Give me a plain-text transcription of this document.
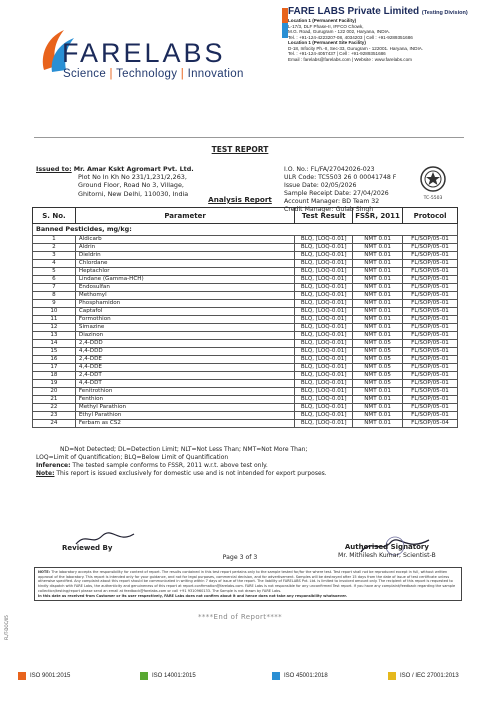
FARELABS
Science | Technology | Innovation
FARE LABS Private Limited (Testing Division)
Location 1 (Permanent Facility)
L-17/3, DLF Phase-II, IFFCO Chowk,
M.G. Road, Gurugram - 122 002, Haryana, INDIA.
Tel. : +91-124-4223207-08, 4034203 | Cell : +91-9289351686
Location 1 (Permanent Site Facility)
D-18, Infocity Ph.-II, Sec-33, Gurugram - 122001. Haryana, INDIA.
Tel. : +91-124-4057437 | Cell : +91-9289351686
Email : farelabs@farelabs.com | Website : www.farelabs.com
TEST REPORT
Issued to: Mr. Amar Kskt Agromart Pvt. Ltd.
Plot No In Kh No 231/1,231/2,263,
Ground Floor, Road No 3, Village,
Ghitorni, New Delhi, 110030, India
I.O. No.: FL/FA/27042026-023
ULR Code: TC5503 26 0 00041748 F
Issue Date: 02/05/2026
Sample Receipt Date: 27/04/2026
Account Manager: BD Team 32
Credit Manager: Gulab Singh
TC-5503
Analysis Report
S. No.	Parameter	Test Result	FSSR, 2011	Protocol
Banned Pesticides, mg/kg:				
1	Aldicarb	BLQ, [LOQ-0.01]	NMT 0.01	FL/SOP/05-01
2	Aldrin	BLQ, [LOQ-0.01]	NMT 0.01	FL/SOP/05-01
3	Dieldrin	BLQ, [LOQ-0.01]	NMT 0.01	FL/SOP/05-01
4	Chlordane	BLQ, [LOQ-0.01]	NMT 0.01	FL/SOP/05-01
5	Heptachlor	BLQ, [LOQ-0.01]	NMT 0.01	FL/SOP/05-01
6	Lindane (Gamma-HCH)	BLQ, [LOQ-0.01]	NMT 0.01	FL/SOP/05-01
7	Endosulfan	BLQ, [LOQ-0.01]	NMT 0.01	FL/SOP/05-01
8	Methomyl	BLQ, [LOQ-0.01]	NMT 0.01	FL/SOP/05-01
9	Phosphamidon	BLQ, [LOQ-0.01]	NMT 0.01	FL/SOP/05-01
10	Captafol	BLQ, [LOQ-0.01]	NMT 0.01	FL/SOP/05-01
11	Formothion	BLQ, [LOQ-0.01]	NMT 0.01	FL/SOP/05-01
12	Simazine	BLQ, [LOQ-0.01]	NMT 0.01	FL/SOP/05-01
13	Diazinon	BLQ, [LOQ-0.01]	NMT 0.01	FL/SOP/05-01
14	2,4-DDD	BLQ, [LOQ-0.01]	NMT 0.05	FL/SOP/05-01
15	4,4-DDD	BLQ, [LOQ-0.01]	NMT 0.05	FL/SOP/05-01
16	2,4-DDE	BLQ, [LOQ-0.01]	NMT 0.05	FL/SOP/05-01
17	4,4-DDE	BLQ, [LOQ-0.01]	NMT 0.05	FL/SOP/05-01
18	2,4-DDT	BLQ, [LOQ-0.01]	NMT 0.05	FL/SOP/05-01
19	4,4-DDT	BLQ, [LOQ-0.01]	NMT 0.05	FL/SOP/05-01
20	Fenitrothion	BLQ, [LOQ-0.01]	NMT 0.01	FL/SOP/05-01
21	Fenthion	BLQ, [LOQ-0.01]	NMT 0.01	FL/SOP/05-01
22	Methyl Parathion	BLQ, [LOQ-0.01]	NMT 0.01	FL/SOP/05-01
23	Ethyl Parathion	BLQ, [LOQ-0.01]	NMT 0.01	FL/SOP/05-01
24	Ferbam as CS2	BLQ, [LOQ-0.01]	NMT 0.01	FL/SOP/05-04
ND=Not Detected; DL=Detection Limit; NLT=Not Less Than; NMT=Not More Than;
LOQ=Limit of Quantification; BLQ=Below Limit of Quantification
Inference: The tested sample conforms to FSSR, 2011 w.r.t. above test only.
Note: This report is issued exclusively for domestic use and is not intended for export purposes.
Reviewed By
Page 3 of 3
Authorised Signatory
Mr. Mithilesh Kumar, Scientist-B
NOTE: The laboratory accepts the responsibility for content of report. The results contained in this test report pertains only to the sample tested for/for the where test. Test report shall not be reproduced except in full, without written approval of the laboratory. This report is intended only for your guidance, and not for legal purposes, commercial decision, and for advertisement. Samples will be destroyed after 15 days from the date of issue of test certificate unless otherwise specified. Any complaint about this report should be communicated in writing within 7 days of issue of the report. The liability of FARELABS Pvt. Ltd. is limited to invoiced amount only. The recipient of this report is requested to kindly dispatch with FARE Labs, the authenticity and genuineness of this report at report.confirmation@farelabs.com. FARE Labs is not responsible for any unconfirmed Test report. If you have any complaint/feedback regarding the sample collection/testing/report please send an email at feedback@farelabs.com or call +91 9310960133. The Sample is not drawn by FARE Labs.
In this date as received from Customer or its user respectively, FARE Labs does not confirm about it and hence does not take any responsibility whatsoever.
FL/T-DOC/05	****End of Report****
ISO 9001:2015	ISO 14001:2015	ISO 45001:2018	ISO / IEC 27001:2013
